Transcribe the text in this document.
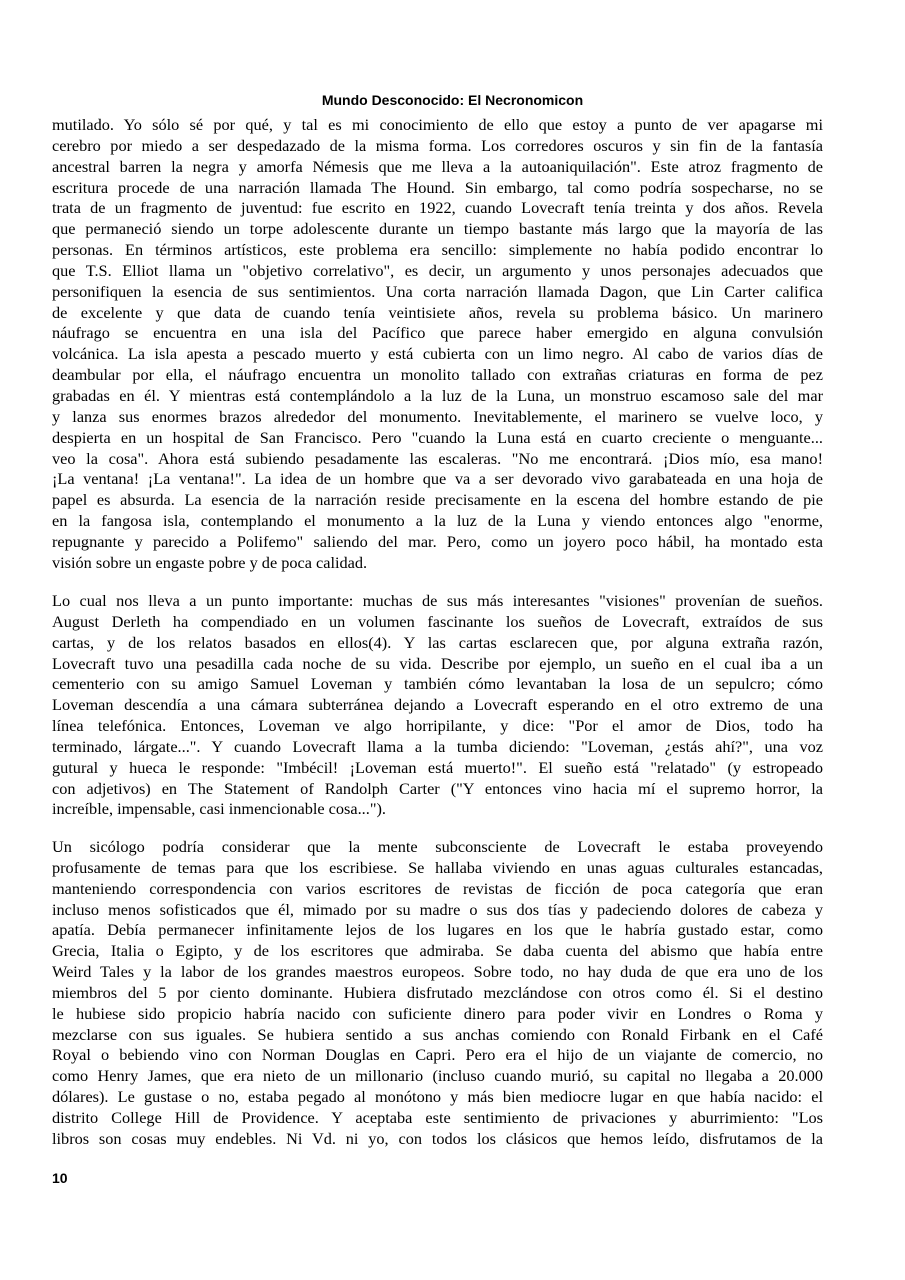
Mundo Desconocido: El Necronomicon
mutilado. Yo sólo sé por qué, y tal es mi conocimiento de ello que estoy a punto de ver apagarse mi
cerebro por miedo a ser despedazado de la misma forma. Los corredores oscuros y sin fin de la fantasía
ancestral barren la negra y amorfa Némesis que me lleva a la autoaniquilación". Este atroz fragmento de
escritura procede de una narración llamada The Hound. Sin embargo, tal como podría sospecharse, no se
trata de un fragmento de juventud: fue escrito en 1922, cuando Lovecraft tenía treinta y dos años. Revela
que permaneció siendo un torpe adolescente durante un tiempo bastante más largo que la mayoría de las
personas. En términos artísticos, este problema era sencillo: simplemente no había podido encontrar lo
que T.S. Elliot llama un "objetivo correlativo", es decir, un argumento y unos personajes adecuados que
personifiquen la esencia de sus sentimientos. Una corta narración llamada Dagon, que Lin Carter califica
de excelente y que data de cuando tenía veintisiete años, revela su problema básico. Un marinero
náufrago se encuentra en una isla del Pacífico que parece haber emergido en alguna convulsión
volcánica. La isla apesta a pescado muerto y está cubierta con un limo negro. Al cabo de varios días de
deambular por ella, el náufrago encuentra un monolito tallado con extrañas criaturas en forma de pez
grabadas en él. Y mientras está contemplándolo a la luz de la Luna, un monstruo escamoso sale del mar
y lanza sus enormes brazos alrededor del monumento. Inevitablemente, el marinero se vuelve loco, y
despierta en un hospital de San Francisco. Pero "cuando la Luna está en cuarto creciente o menguante...
veo la cosa". Ahora está subiendo pesadamente las escaleras. "No me encontrará. ¡Dios mío, esa mano!
¡La ventana! ¡La ventana!". La idea de un hombre que va a ser devorado vivo garabateada en una hoja de
papel es absurda. La esencia de la narración reside precisamente en la escena del hombre estando de pie
en la fangosa isla, contemplando el monumento a la luz de la Luna y viendo entonces algo "enorme,
repugnante y parecido a Polifemo" saliendo del mar. Pero, como un joyero poco hábil, ha montado esta
visión sobre un engaste pobre y de poca calidad.
Lo cual nos lleva a un punto importante: muchas de sus más interesantes "visiones" provenían de sueños.
August Derleth ha compendiado en un volumen fascinante los sueños de Lovecraft, extraídos de sus
cartas, y de los relatos basados en ellos(4). Y las cartas esclarecen que, por alguna extraña razón,
Lovecraft tuvo una pesadilla cada noche de su vida. Describe por ejemplo, un sueño en el cual iba a un
cementerio con su amigo Samuel Loveman y también cómo levantaban la losa de un sepulcro; cómo
Loveman descendía a una cámara subterránea dejando a Lovecraft esperando en el otro extremo de una
línea telefónica. Entonces, Loveman ve algo horripilante, y dice: "Por el amor de Dios, todo ha
terminado, lárgate...". Y cuando Lovecraft llama a la tumba diciendo: "Loveman, ¿estás ahí?", una voz
gutural y hueca le responde: "Imbécil! ¡Loveman está muerto!". El sueño está "relatado" (y estropeado
con adjetivos) en The Statement of Randolph Carter ("Y entonces vino hacia mí el supremo horror, la
increíble, impensable, casi inmencionable cosa...").
Un sicólogo podría considerar que la mente subconsciente de Lovecraft le estaba proveyendo
profusamente de temas para que los escribiese. Se hallaba viviendo en unas aguas culturales estancadas,
manteniendo correspondencia con varios escritores de revistas de ficción de poca categoría que eran
incluso menos sofisticados que él, mimado por su madre o sus dos tías y padeciendo dolores de cabeza y
apatía. Debía permanecer infinitamente lejos de los lugares en los que le habría gustado estar, como
Grecia, Italia o Egipto, y de los escritores que admiraba. Se daba cuenta del abismo que había entre
Weird Tales y la labor de los grandes maestros europeos. Sobre todo, no hay duda de que era uno de los
miembros del 5 por ciento dominante. Hubiera disfrutado mezclándose con otros como él. Si el destino
le hubiese sido propicio habría nacido con suficiente dinero para poder vivir en Londres o Roma y
mezclarse con sus iguales. Se hubiera sentido a sus anchas comiendo con Ronald Firbank en el Café
Royal o bebiendo vino con Norman Douglas en Capri. Pero era el hijo de un viajante de comercio, no
como Henry James, que era nieto de un millonario (incluso cuando murió, su capital no llegaba a 20.000
dólares). Le gustase o no, estaba pegado al monótono y más bien mediocre lugar en que había nacido: el
distrito College Hill de Providence. Y aceptaba este sentimiento de privaciones y aburrimiento: "Los
libros son cosas muy endebles. Ni Vd. ni yo, con todos los clásicos que hemos leído, disfrutamos de la
10
